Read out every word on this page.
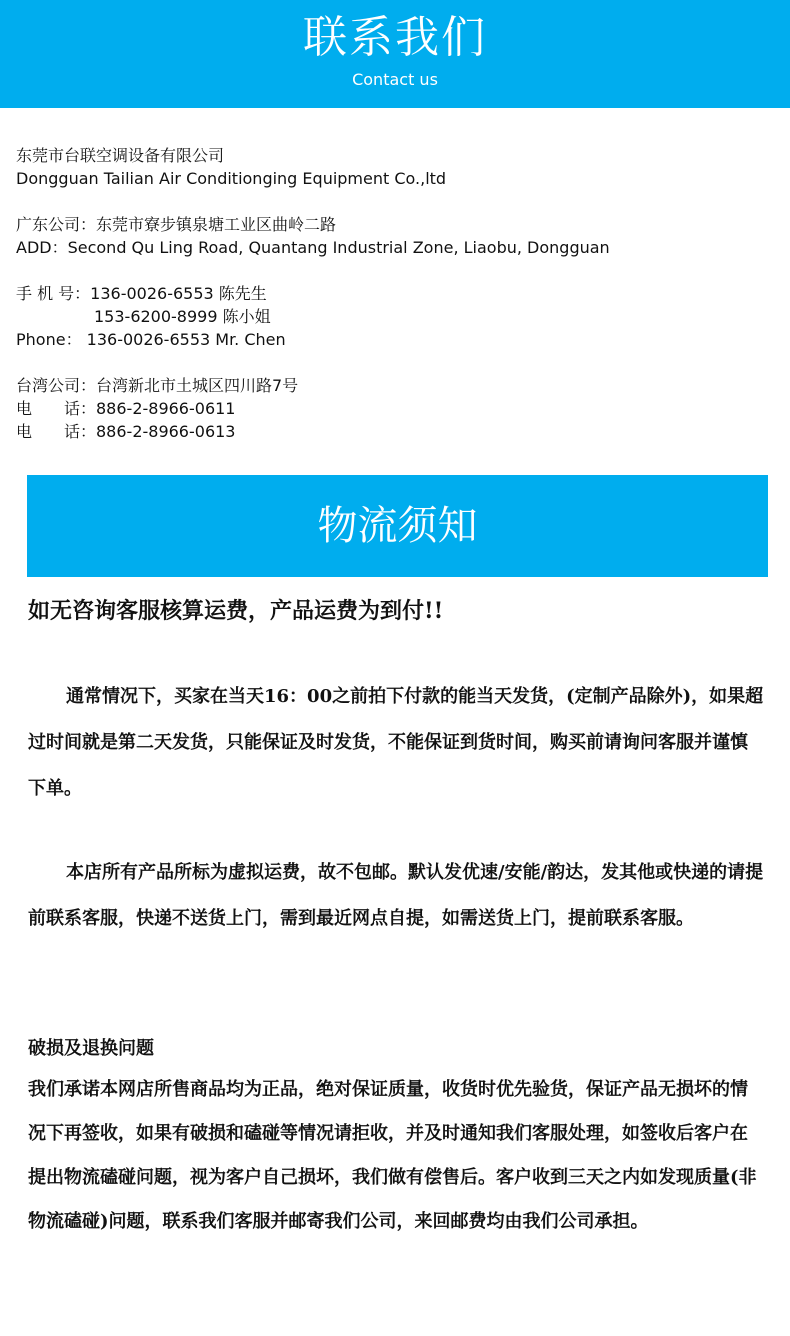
联系我们
Contact us
东莞市台联空调设备有限公司
Dongguan Tailian Air Conditionging Equipment Co.,ltd
广东公司：东莞市寮步镇泉塘工业区曲岭二路
ADD：Second Qu Ling Road, Quantang Industrial Zone, Liaobu, Dongguan
手 机 号：136-0026-6553 陈先生
153-6200-8999 陈小姐
Phone： 136-0026-6553 Mr. Chen
台湾公司：台湾新北市土城区四川路7号
电　　话：886-2-8966-0611
电　　话：886-2-8966-0613
物流须知
如无咨询客服核算运费，产品运费为到付!!
通常情况下，买家在当天16：00之前拍下付款的能当天发货，(定制产品除外)，如果超过时间就是第二天发货，只能保证及时发货，不能保证到货时间，购买前请询问客服并谨慎下单。
本店所有产品所标为虚拟运费，故不包邮。默认发优速/安能/韵达，发其他或快递的请提前联系客服，快递不送货上门，需到最近网点自提，如需送货上门，提前联系客服。
破损及退换问题
我们承诺本网店所售商品均为正品，绝对保证质量，收货时优先验货，保证产品无损坏的情况下再签收，如果有破损和磕碰等情况请拒收，并及时通知我们客服处理，如签收后客户在提出物流磕碰问题，视为客户自己损坏，我们做有偿售后。客户收到三天之内如发现质量(非物流磕碰)问题，联系我们客服并邮寄我们公司，来回邮费均由我们公司承担。
